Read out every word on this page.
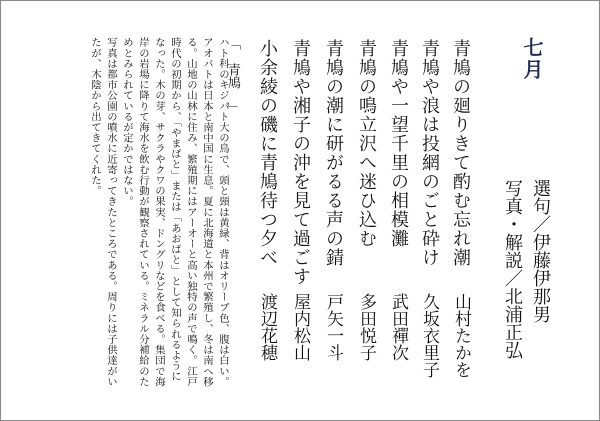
七月
選句／伊藤伊那男
写真・解説／北浦正弘
青鳩の廻りきて酌む忘れ潮
青鳩や浪は投網のごと砕け
青鳩や一望千里の相模灘
青鳩の鳴立沢へ迷ひ込む
青鳩の潮に研がるる声の錆
青鳩や湘子の沖を見て過ごす
小余綾の磯に青鳩待つ夕べ
山村たかを
久坂衣里子
武田禪次
多田悦子
戸矢一斗
屋内松山
渡辺花穂
「　青鳩　」

ハト科のキジバト大の鳥で、頭と頸は黄緑、背はオリーブ色、腹は白い。アオバトは日本と南中国に生息。夏に北海道と本州で繁殖し、冬は南へ移る。山地の山林に住み、繁殖期にはアーオーと高い独特の声で鳴く。江戸時代の初期から、「やまばと」または「あおばと」として知られるようになった。木の芽、サクラやクワの果実、ドングリなどを食べる。集団で海岸の岩場に降りて海水を飲む行動が観察されている。ミネラル分補給のためとみられているが定かではない。

写真は都市公園の噴水に近寄ってきたところである。周りには子供達がいたが、木陰から出てきてくれた。
